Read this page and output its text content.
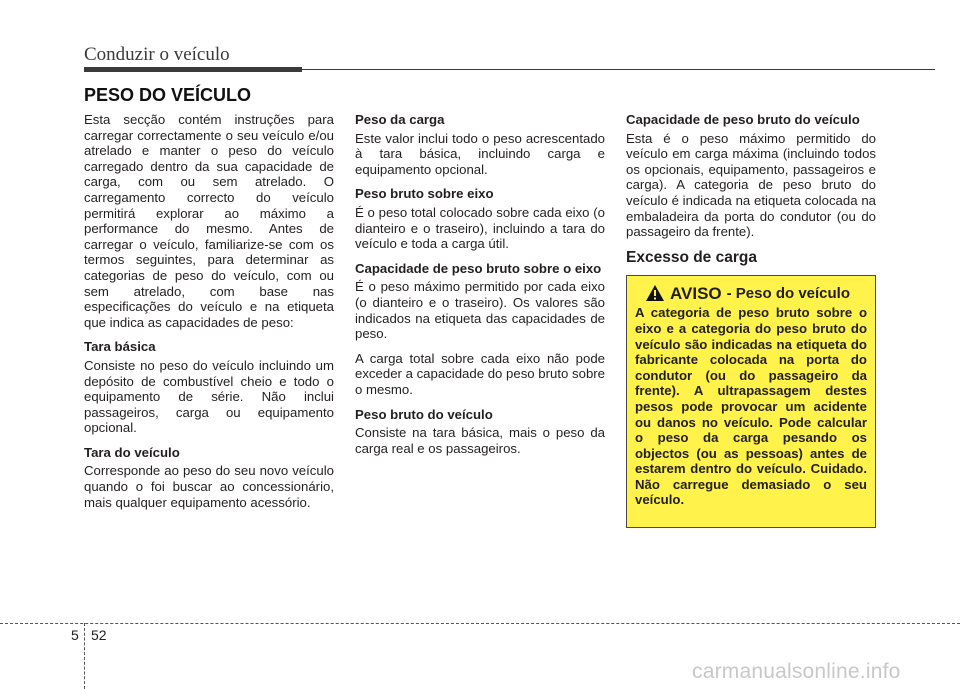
Conduzir o veículo
PESO DO VEÍCULO

Esta secção contém instruções para carregar correctamente o seu veículo e/ou atrelado e manter o peso do veículo carregado dentro da sua capacidade de carga, com ou sem atrelado. O carregamento correcto do veículo permitirá explorar ao máximo a performance do mesmo. Antes de carregar o veículo, familiarize-se com os termos seguintes, para determinar as categorias de peso do veículo, com ou sem atrelado, com base nas especificações do veículo e na etiqueta que indica as capacidades de peso:

Tara básica

Consiste no peso do veículo incluindo um depósito de combustível cheio e todo o equipamento de série. Não inclui passageiros, carga ou equipamento opcional.

Tara do veículo

Corresponde ao peso do seu novo veículo quando o foi buscar ao concessionário, mais qualquer equipamento acessório.

Peso da carga

Este valor inclui todo o peso acrescentado à tara básica, incluindo carga e equipamento opcional.

Peso bruto sobre eixo

É o peso total colocado sobre cada eixo (o dianteiro e o traseiro), incluindo a tara do veículo e toda a carga útil.

Capacidade de peso bruto sobre o eixo

É o peso máximo permitido por cada eixo (o dianteiro e o traseiro). Os valores são indicados na etiqueta das capacidades de peso.

A carga total sobre cada eixo não pode exceder a capacidade do peso bruto sobre o mesmo.

Peso bruto do veículo

Consiste na tara básica, mais o peso da carga real e os passageiros.

Capacidade de peso bruto do veículo

Esta é o peso máximo permitido do veículo em carga máxima (incluindo todos os opcionais, equipamento, passageiros e carga). A categoria de peso bruto do veículo é indicada na etiqueta colocada na embaladeira da porta do condutor (ou do passageiro da frente).

Excesso de carga
AVISO - Peso do veículo

A categoria de peso bruto sobre o eixo e a categoria do peso bruto do veículo são indicadas na etiqueta do fabricante colocada na porta do condutor (ou do passageiro da frente). A ultrapassagem destes pesos pode provocar um acidente ou danos no veículo. Pode calcular o peso da carga pesando os objectos (ou as pessoas) antes de estarem dentro do veículo. Cuidado. Não carregue demasiado o seu veículo.

5 52
carmanualsonline.info
